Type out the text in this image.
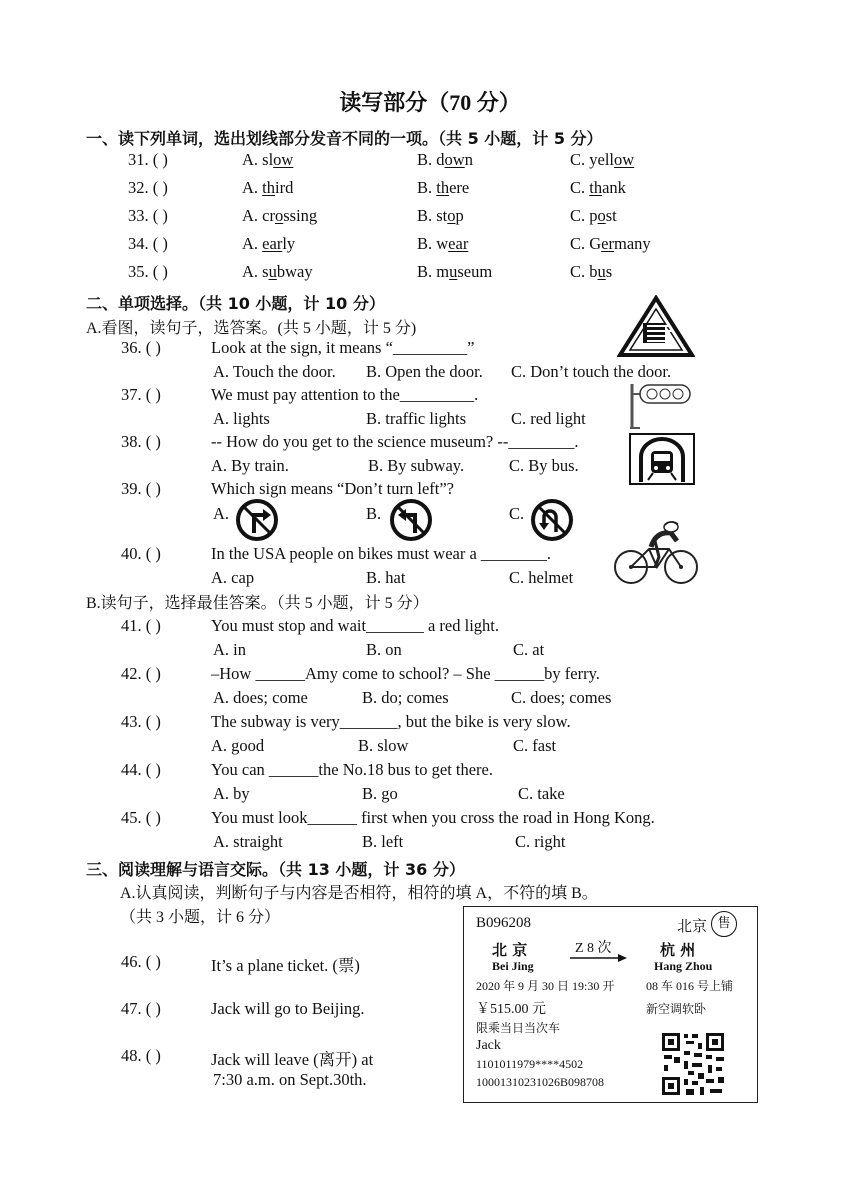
读写部分（70 分）
一、读下列单词，选出划线部分发音不同的一项。（共 5 小题，计 5 分）
31. ( )	A. slow	B. down	C. yellow
32. ( )	A. third	B. there	C. thank
33. ( )	A. crossing	B. stop	C. post
34. ( )	A. early	B. wear	C. Germany
35. ( )	A. subway	B. museum	C. bus
二、单项选择。（共 10 小题，计 10 分）
A.看图，读句子，选答案。(共 5 小题，计 5 分)
B.读句子，选择最佳答案。（共 5 小题，计 5 分）
36. ( )	Look at the sign, it means “_________”
A. Touch the door. B. Open the door. C. Don’t touch the door.
37. ( )	We must pay attention to the_________.
A. lights	B. traffic lights	C. red light
38. ( )	-- How do you get to the science museum? --________.
A. By train.	B. By subway.	C. By bus.
39. ( )	Which sign means “Don’t turn left”?
A.	B.	C.
40. ( )	In the USA people on bikes must wear a ________.
A. cap	B. hat	C. helmet
41. ( )	You must stop and wait_______ a red light.
A. in	B. on	C. at
42. ( )	–How ______Amy come to school? – She ______by ferry.
A. does; come	B. do; comes	C. does; comes
43. ( )	The subway is very_______, but the bike is very slow.
A. good	B. slow	C. fast
44. ( )	You can ______the No.18 bus to get there.
A. by	B. go	C. take
45. ( )	You must look______ first when you cross the road in Hong Kong.
A. straight	B. left	C. right
三、阅读理解与语言交际。（共 13 小题，计 36 分）
A.认真阅读，判断句子与内容是否相符，相符的填 A，不符的填 B。
（共 3 小题，计 6 分）
46. ( )	It’s a plane ticket. (票)
47. ( )	Jack will go to Beijing.
48. ( )	Jack will leave (离开) at
7:30 a.m. on Sept.30th.
B096208	北京 售
北 京	Z 8 次	杭 州
Bei Jing	Hang Zhou
2020 年 9 月 30 日 19:30 开	08 车 016 号上铺
￥515.00 元	新空调软卧
限乘当日当次车
Jack
1101011979****4502
10001310231026B098708
